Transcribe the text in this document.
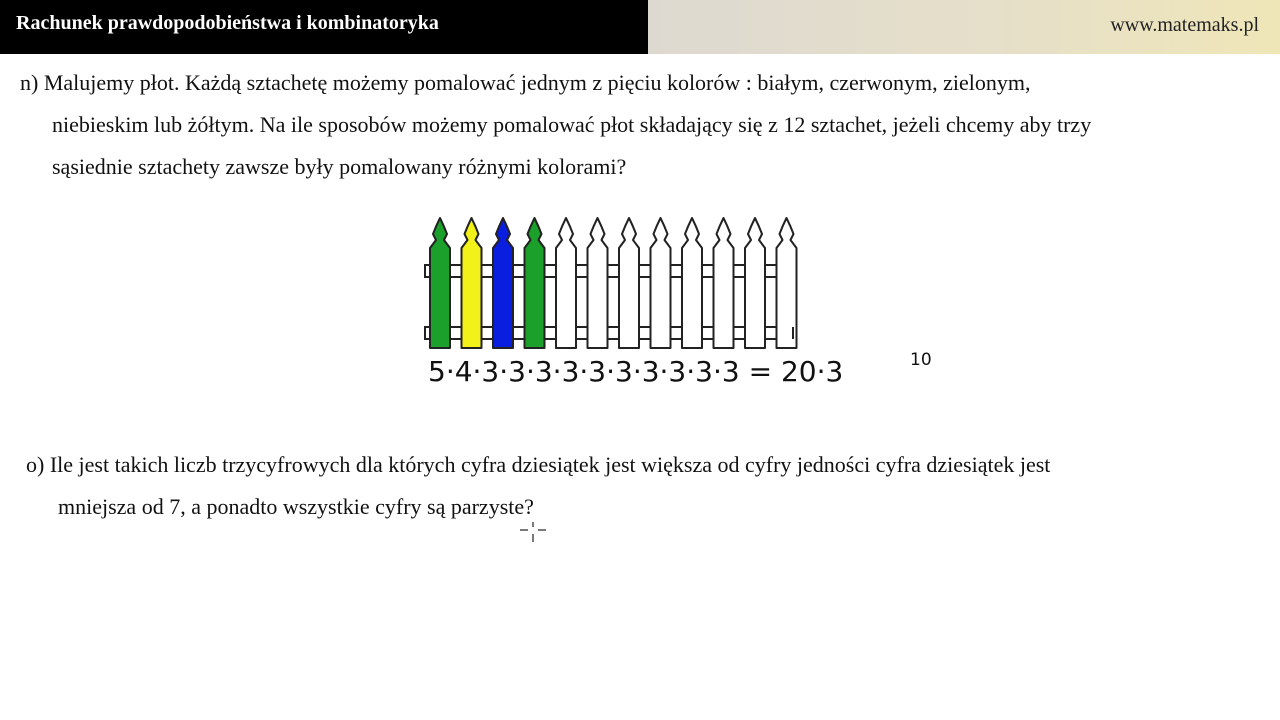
Rachunek prawdopodobieństwa i kombinatoryka	www.matemaks.pl
n) Malujemy płot. Każdą sztachetę możemy pomalować jednym z pięciu kolorów : białym, czerwonym, zielonym,
niebieskim lub żółtym. Na ile sposobów możemy pomalować płot składający się z 12 sztachet, jeżeli chcemy aby trzy
sąsiednie sztachety zawsze były pomalowany różnymi kolorami?
5·4·3·3·3·3·3·3·3·3·3·3 = 20·3	10
o) Ile jest takich liczb trzycyfrowych dla których cyfra dziesiątek jest większa od cyfry jedności cyfra dziesiątek jest
mniejsza od 7, a ponadto wszystkie cyfry są parzyste?
